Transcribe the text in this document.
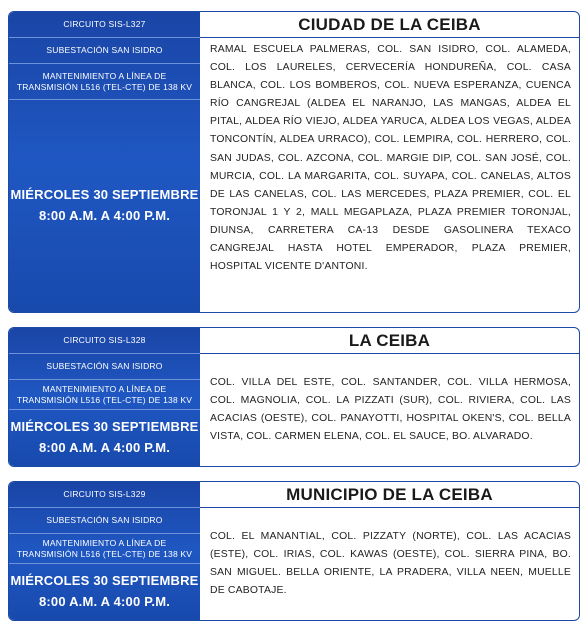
CIRCUITO SIS-L327
SUBESTACIÓN SAN ISIDRO
MANTENIMIENTO A LÍNEA DE TRANSMISIÓN L516 (TEL-CTE) DE 138 KV
MIÉRCOLES 30 SEPTIEMBRE
8:00 A.M. A 4:00 P.M.
CIUDAD DE LA CEIBA
RAMAL ESCUELA PALMERAS, COL. SAN ISIDRO, COL. ALAMEDA, COL. LOS LAURELES, CERVECERÍA HONDUREÑA, COL. CASA BLANCA, COL. LOS BOMBEROS, COL. NUEVA ESPERANZA, CUENCA RÍO CANGREJAL (ALDEA EL NARANJO, LAS MANGAS, ALDEA EL PITAL, ALDEA RÍO VIEJO, ALDEA YARUCA, ALDEA LOS VEGAS, ALDEA TONCONTÍN, ALDEA URRACO), COL. LEMPIRA, COL. HERRERO, COL. SAN JUDAS, COL. AZCONA, COL. MARGIE DIP, COL. SAN JOSÉ, COL. MURCIA, COL. LA MARGARITA, COL. SUYAPA, COL. CANELAS, ALTOS DE LAS CANELAS, COL. LAS MERCEDES, PLAZA PREMIER, COL. EL TORONJAL 1 Y 2, MALL MEGAPLAZA, PLAZA PREMIER TORONJAL, DIUNSA, CARRETERA CA-13 DESDE GASOLINERA TEXACO CANGREJAL HASTA HOTEL EMPERADOR, PLAZA PREMIER, HOSPITAL VICENTE D'ANTONI.
CIRCUITO SIS-L328
SUBESTACIÓN SAN ISIDRO
MANTENIMIENTO A LÍNEA DE TRANSMISIÓN L516 (TEL-CTE) DE 138 KV
MIÉRCOLES 30 SEPTIEMBRE
8:00 A.M. A 4:00 P.M.
LA CEIBA
COL. VILLA DEL ESTE, COL. SANTANDER, COL. VILLA HERMOSA, COL. MAGNOLIA, COL. LA PIZZATI (SUR), COL. RIVIERA, COL. LAS ACACIAS (OESTE), COL. PANAYOTTI, HOSPITAL OKEN'S, COL. BELLA VISTA, COL. CARMEN ELENA, COL. EL SAUCE, BO. ALVARADO.
CIRCUITO SIS-L329
SUBESTACIÓN SAN ISIDRO
MANTENIMIENTO A LÍNEA DE TRANSMISIÓN L516 (TEL-CTE) DE 138 KV
MIÉRCOLES 30 SEPTIEMBRE
8:00 A.M. A 4:00 P.M.
MUNICIPIO DE LA CEIBA
COL. EL MANANTIAL, COL. PIZZATY (NORTE), COL. LAS ACACIAS (ESTE), COL. IRIAS, COL. KAWAS (OESTE), COL. SIERRA PINA, BO. SAN MIGUEL. BELLA ORIENTE, LA PRADERA, VILLA NEEN, MUELLE DE CABOTAJE.
